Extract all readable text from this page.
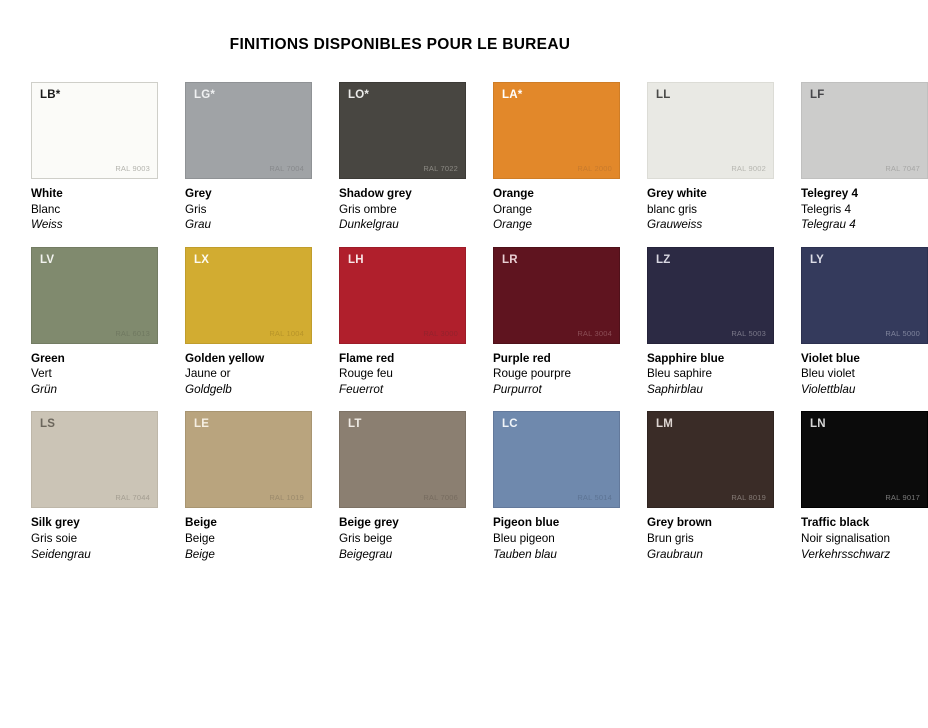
FINITIONS DISPONIBLES POUR LE BUREAU
LB*
RAL 9003
White
Blanc
Weiss
LG*
RAL 7004
Grey
Gris
Grau
LO*
RAL 7022
Shadow grey
Gris ombre
Dunkelgrau
LA*
RAL 2000
Orange
Orange
Orange
LL
RAL 9002
Grey white
blanc gris
Grauweiss
LF
RAL 7047
Telegrey 4
Telegris 4
Telegrau 4
LV
RAL 6013
Green
Vert
Grün
LX
RAL 1004
Golden yellow
Jaune or
Goldgelb
LH
RAL 3000
Flame red
Rouge feu
Feuerrot
LR
RAL 3004
Purple red
Rouge pourpre
Purpurrot
LZ
RAL 5003
Sapphire blue
Bleu saphire
Saphirblau
LY
RAL 5000
Violet blue
Bleu violet
Violettblau
LS
RAL 7044
Silk grey
Gris soie
Seidengrau
LE
RAL 1019
Beige
Beige
Beige
LT
RAL 7006
Beige grey
Gris beige
Beigegrau
LC
RAL 5014
Pigeon blue
Bleu pigeon
Tauben blau
LM
RAL 8019
Grey brown
Brun gris
Graubraun
LN
RAL 9017
Traffic black
Noir signalisation
Verkehrsschwarz
